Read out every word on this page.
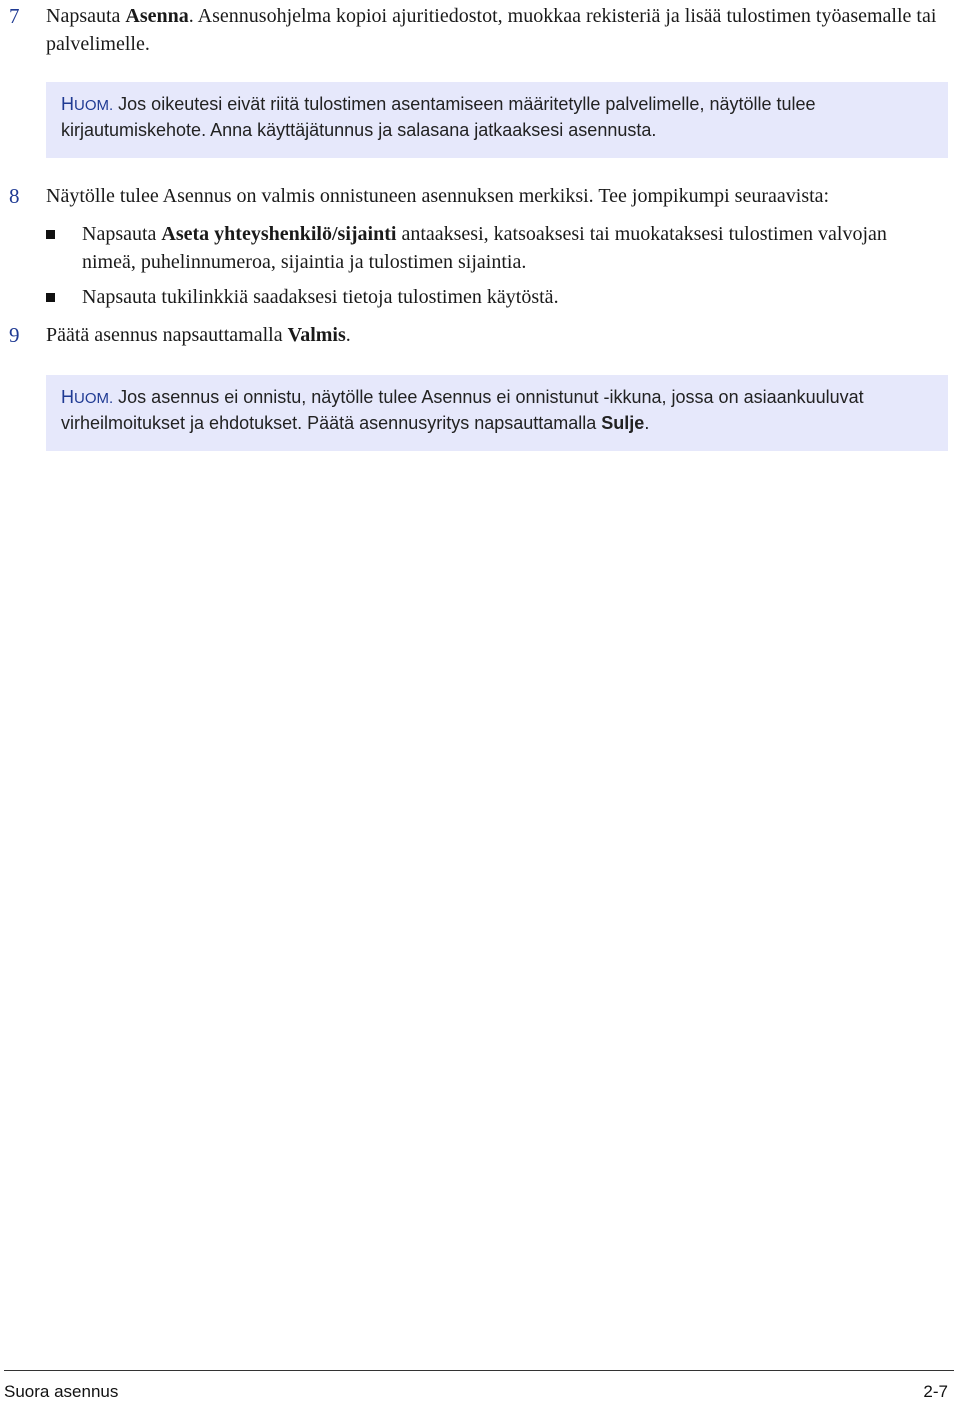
7 Napsauta Asenna. Asennusohjelma kopioi ajuritiedostot, muokkaa rekisteriä ja lisää tulostimen työasemalle tai palvelimelle.
HUOM. Jos oikeutesi eivät riitä tulostimen asentamiseen määritetylle palvelimelle, näytölle tulee kirjautumiskehote. Anna käyttäjätunnus ja salasana jatkaaksesi asennusta.
8 Näytölle tulee Asennus on valmis onnistuneen asennuksen merkiksi. Tee jompikumpi seuraavista:
Napsauta Aseta yhteyshenkilö/sijainti antaaksesi, katsoaksesi tai muokataksesi tulostimen valvojan nimeä, puhelinnumeroa, sijaintia ja tulostimen sijaintia.
Napsauta tukilinkkiä saadaksesi tietoja tulostimen käytöstä.
9 Päätä asennus napsauttamalla Valmis.
HUOM. Jos asennus ei onnistu, näytölle tulee Asennus ei onnistunut -ikkuna, jossa on asiaankuuluvat virheilmoitukset ja ehdotukset. Päätä asennusyritys napsauttamalla Sulje.
Suora asennus	2-7
